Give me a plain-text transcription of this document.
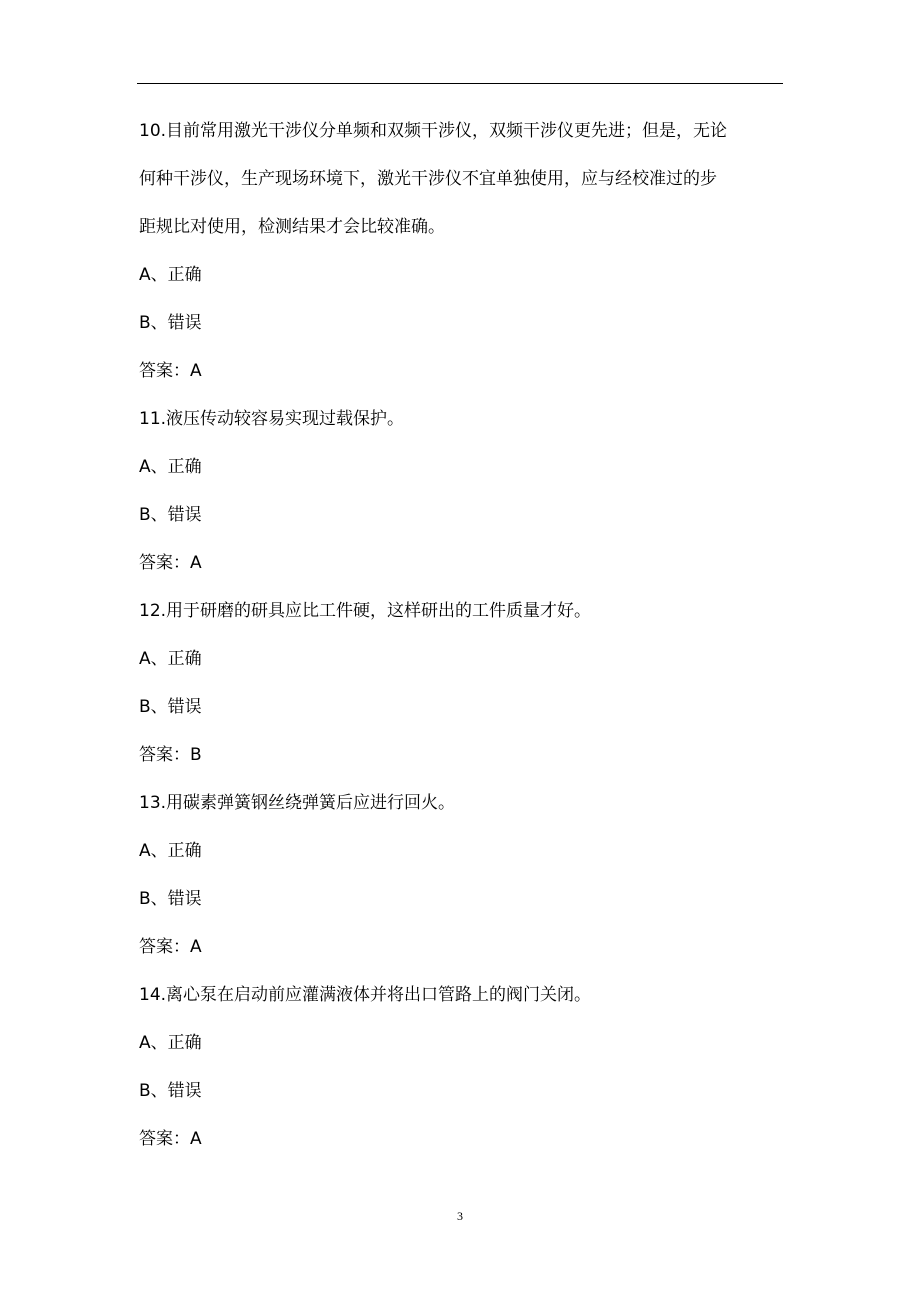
10.目前常用激光干涉仪分单频和双频干涉仪，双频干涉仪更先进；但是，无论
何种干涉仪，生产现场环境下，激光干涉仪不宜单独使用，应与经校准过的步
距规比对使用，检测结果才会比较准确。
A、正确
B、错误
答案：A
11.液压传动较容易实现过载保护。
A、正确
B、错误
答案：A
12.用于研磨的研具应比工件硬，这样研出的工件质量才好。
A、正确
B、错误
答案：B
13.用碳素弹簧钢丝绕弹簧后应进行回火。
A、正确
B、错误
答案：A
14.离心泵在启动前应灌满液体并将出口管路上的阀门关闭。
A、正确
B、错误
答案：A
3
